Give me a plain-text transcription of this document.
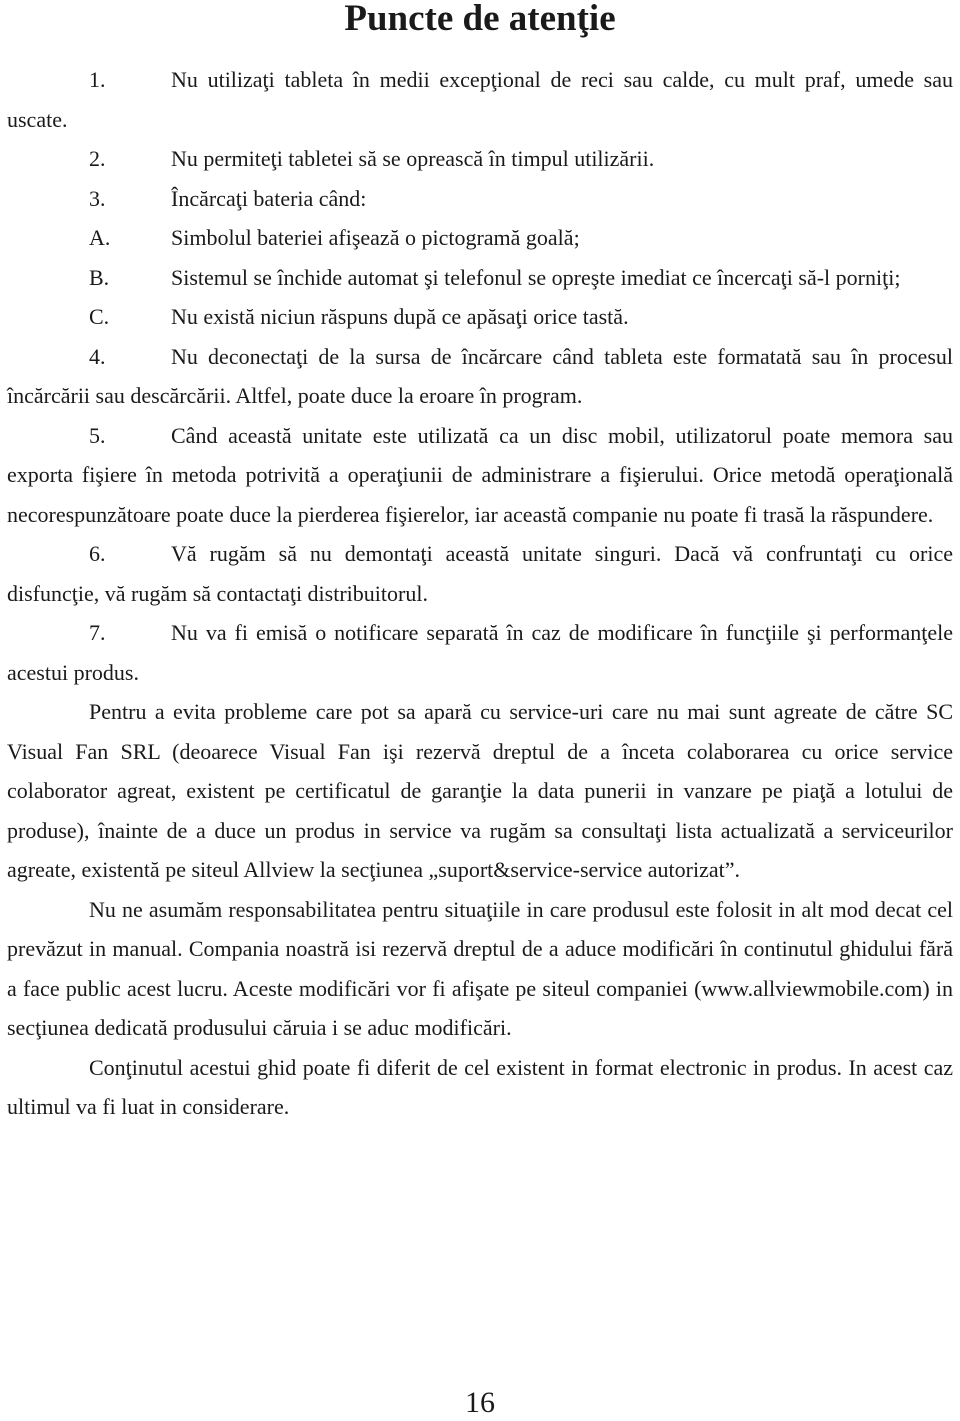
Puncte de atenţie

1.	Nu utilizaţi tableta în medii excepţional de reci sau calde, cu mult praf, umede sau uscate.

2.	Nu permiteţi tabletei să se oprească în timpul utilizării.

3.	Încărcaţi bateria când:

A.	Simbolul bateriei afişează o pictogramă goală;

B.	Sistemul se închide automat şi telefonul se opreşte imediat ce încercaţi să-l porniţi;

C.	Nu există niciun răspuns după ce apăsaţi orice tastă.

4.	Nu deconectaţi de la sursa de încărcare când tableta este formatată sau în procesul încărcării sau descărcării. Altfel, poate duce la eroare în program.

5.	Când această unitate este utilizată ca un disc mobil, utilizatorul poate memora sau exporta fişiere în metoda potrivită a operaţiunii de administrare a fişierului. Orice metodă operaţională necorespunzătoare poate duce la pierderea fişierelor, iar această companie nu poate fi trasă la răspundere.

6.	Vă rugăm să nu demontaţi această unitate singuri. Dacă vă confruntaţi cu orice disfuncţie, vă rugăm să contactaţi distribuitorul.

7.	Nu va fi emisă o notificare separată în caz de modificare în funcţiile şi performanţele acestui produs.

Pentru a evita probleme care pot sa apară cu service-uri care nu mai sunt agreate de către SC Visual Fan SRL (deoarece Visual Fan işi rezervă dreptul de a înceta colaborarea cu orice service colaborator agreat, existent pe certificatul de garanţie la data punerii in vanzare pe piaţă a lotului de produse), înainte de a duce un produs in service va rugăm sa consultaţi lista actualizată a serviceurilor agreate, existentă pe siteul Allview la secţiunea „suport&service-service autorizat”.

Nu ne asumăm responsabilitatea pentru situaţiile in care produsul este folosit in alt mod decat cel prevăzut in manual. Compania noastră isi rezervă dreptul de a aduce modificări în continutul ghidului fără a face public acest lucru. Aceste modificări vor fi afişate pe siteul companiei (www.allviewmobile.com) in secţiunea dedicată produsului căruia i se aduc modificări.

Conţinutul acestui ghid poate fi diferit de cel existent in format electronic in produs. In acest caz ultimul va fi luat in considerare.

16
